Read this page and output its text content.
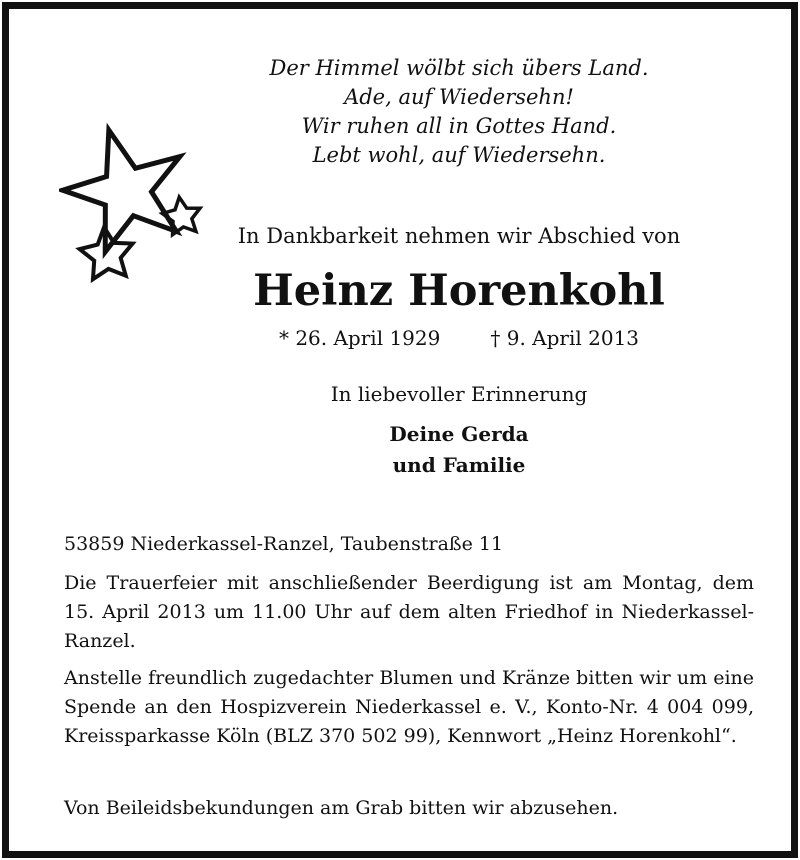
Der Himmel wölbt sich übers Land.
Ade, auf Wiedersehn!
Wir ruhen all in Gottes Hand.
Lebt wohl, auf Wiedersehn.
In Dankbarkeit nehmen wir Abschied von
Heinz Horenkohl
* 26. April 1929	† 9. April 2013
In liebevoller Erinnerung
Deine Gerda
und Familie
53859 Niederkassel-Ranzel, Taubenstraße 11
Die Trauerfeier mit anschließender Beerdigung ist am Montag, dem 15. April 2013 um 11.00 Uhr auf dem alten Friedhof in Niederkassel-Ranzel.
Anstelle freundlich zugedachter Blumen und Kränze bitten wir um eine Spende an den Hospizverein Niederkassel e. V., Konto-Nr. 4 004 099, Kreissparkasse Köln (BLZ 370 502 99), Kennwort „Heinz Horenkohl“.
Von Beileidsbekundungen am Grab bitten wir abzusehen.
